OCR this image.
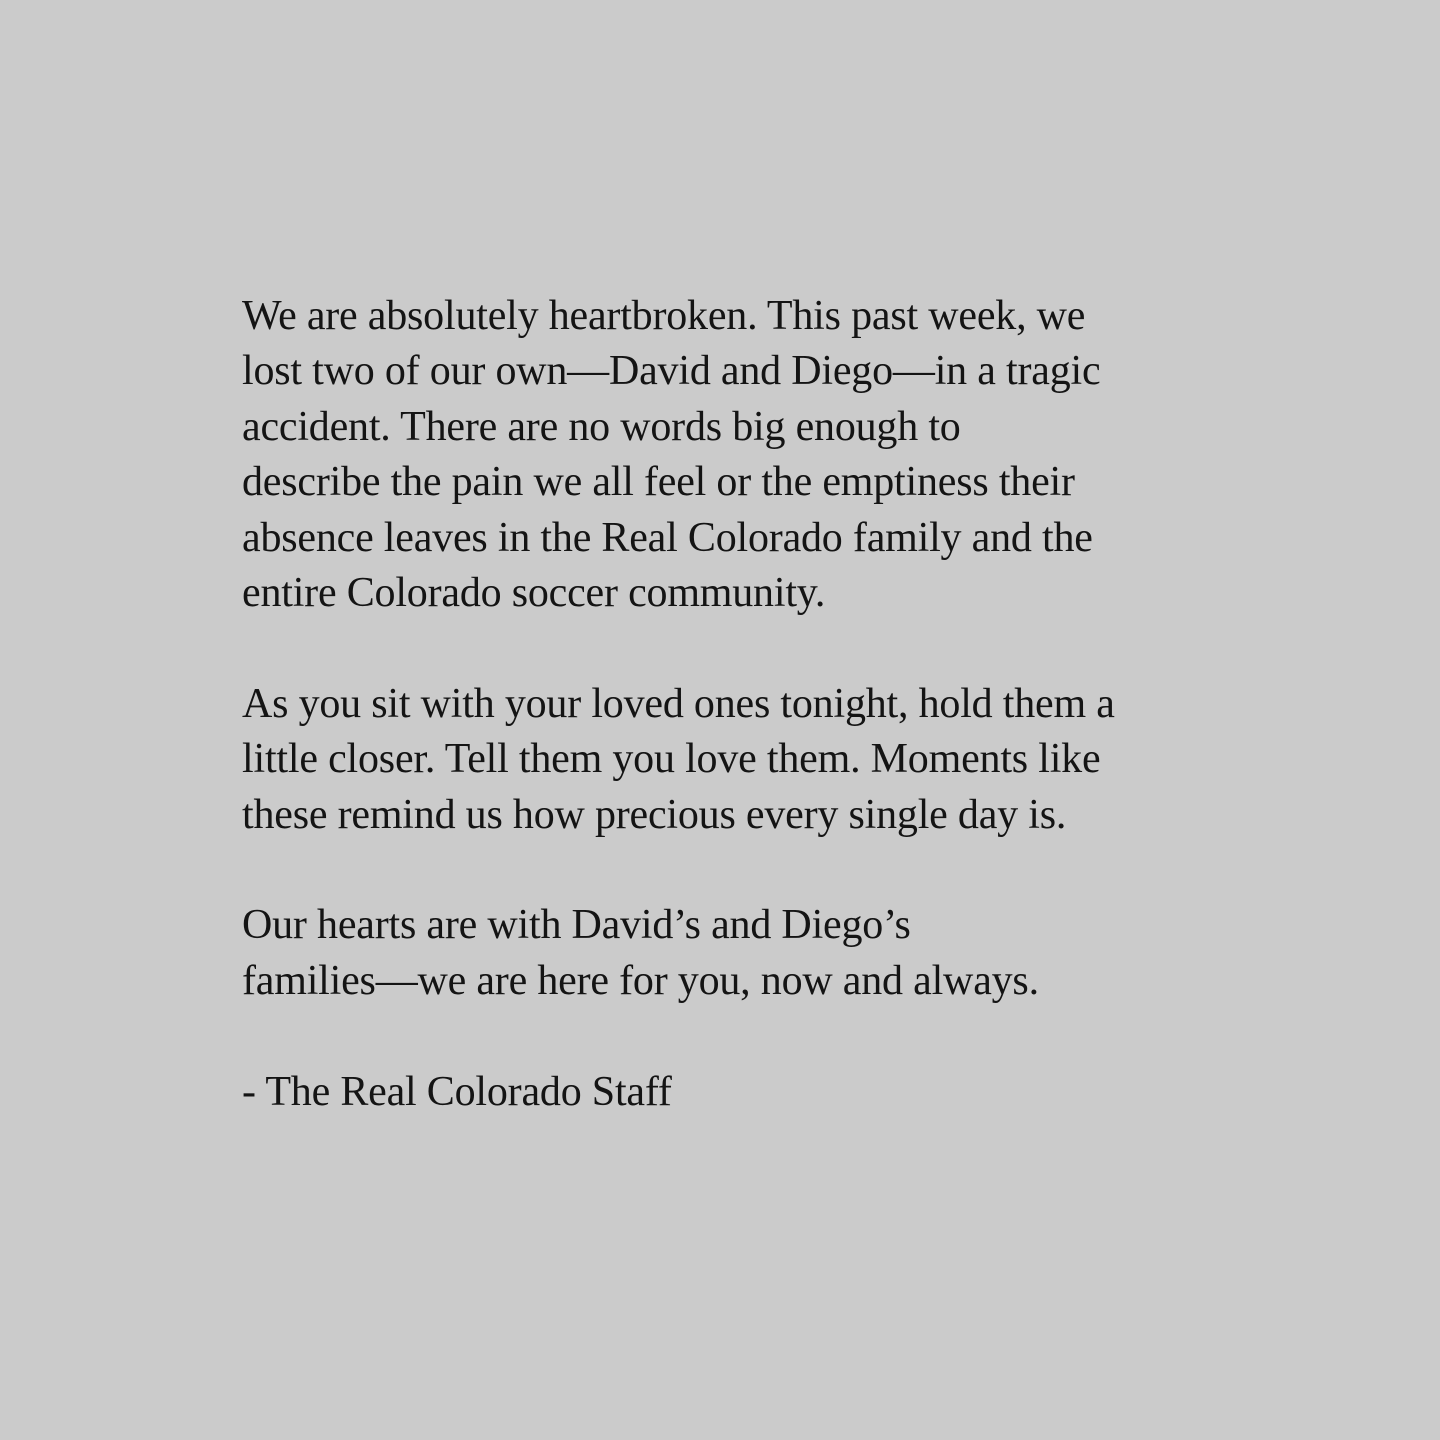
We are absolutely heartbroken. This past week, we
lost two of our own—David and Diego—in a tragic
accident. There are no words big enough to
describe the pain we all feel or the emptiness their
absence leaves in the Real Colorado family and the
entire Colorado soccer community.

As you sit with your loved ones tonight, hold them a
little closer. Tell them you love them. Moments like
these remind us how precious every single day is.

Our hearts are with David’s and Diego’s
families—we are here for you, now and always.

- The Real Colorado Staff
